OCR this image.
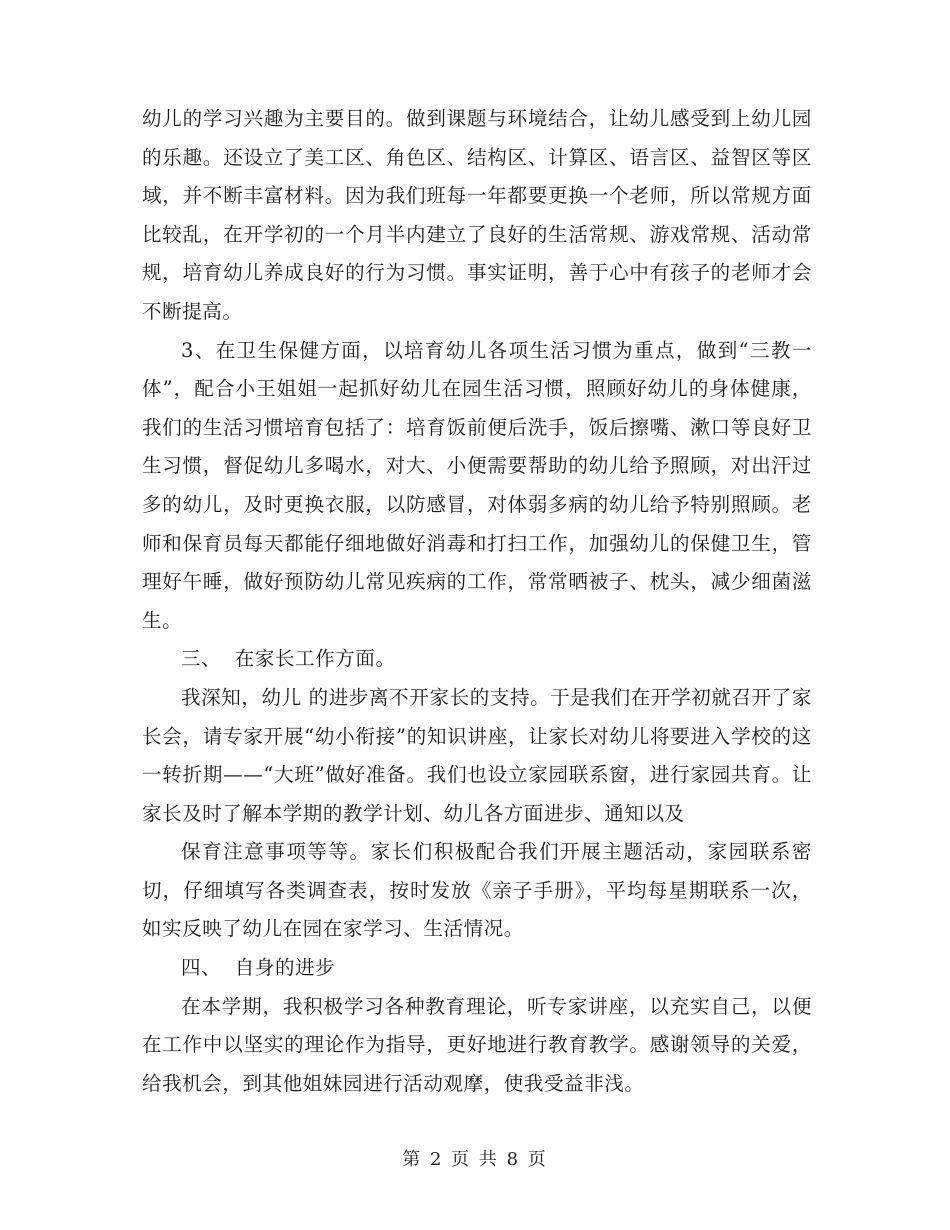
幼儿的学习兴趣为主要目的。做到课题与环境结合，让幼儿感受到上幼儿园的乐趣。还设立了美工区、角色区、结构区、计算区、语言区、益智区等区域，并不断丰富材料。因为我们班每一年都要更换一个老师，所以常规方面比较乱，在开学初的一个月半内建立了良好的生活常规、游戏常规、活动常规，培育幼儿养成良好的行为习惯。事实证明，善于心中有孩子的老师才会不断提高。

3、在卫生保健方面，以培育幼儿各项生活习惯为重点，做到“三教一体”，配合小王姐姐一起抓好幼儿在园生活习惯，照顾好幼儿的身体健康，我们的生活习惯培育包括了：培育饭前便后洗手，饭后擦嘴、漱口等良好卫生习惯，督促幼儿多喝水，对大、小便需要帮助的幼儿给予照顾，对出汗过多的幼儿，及时更换衣服，以防感冒，对体弱多病的幼儿给予特别照顾。老师和保育员每天都能仔细地做好消毒和打扫工作，加强幼儿的保健卫生，管理好午睡，做好预防幼儿常见疾病的工作，常常晒被子、枕头，减少细菌滋生。

三、  在家长工作方面。

我深知，幼儿 的进步离不开家长的支持。于是我们在开学初就召开了家长会，请专家开展“幼小衔接”的知识讲座，让家长对幼儿将要进入学校的这一转折期——“大班”做好准备。我们也设立家园联系窗，进行家园共育。让家长及时了解本学期的教学计划、幼儿各方面进步、通知以及

保育注意事项等等。家长们积极配合我们开展主题活动，家园联系密切，仔细填写各类调查表，按时发放《亲子手册》，平均每星期联系一次，如实反映了幼儿在园在家学习、生活情况。

四、  自身的进步

在本学期，我积极学习各种教育理论，听专家讲座，以充实自己，以便在工作中以坚实的理论作为指导，更好地进行教育教学。感谢领导的关爱，给我机会，到其他姐妹园进行活动观摩，使我受益非浅。

第 2 页 共 8 页
